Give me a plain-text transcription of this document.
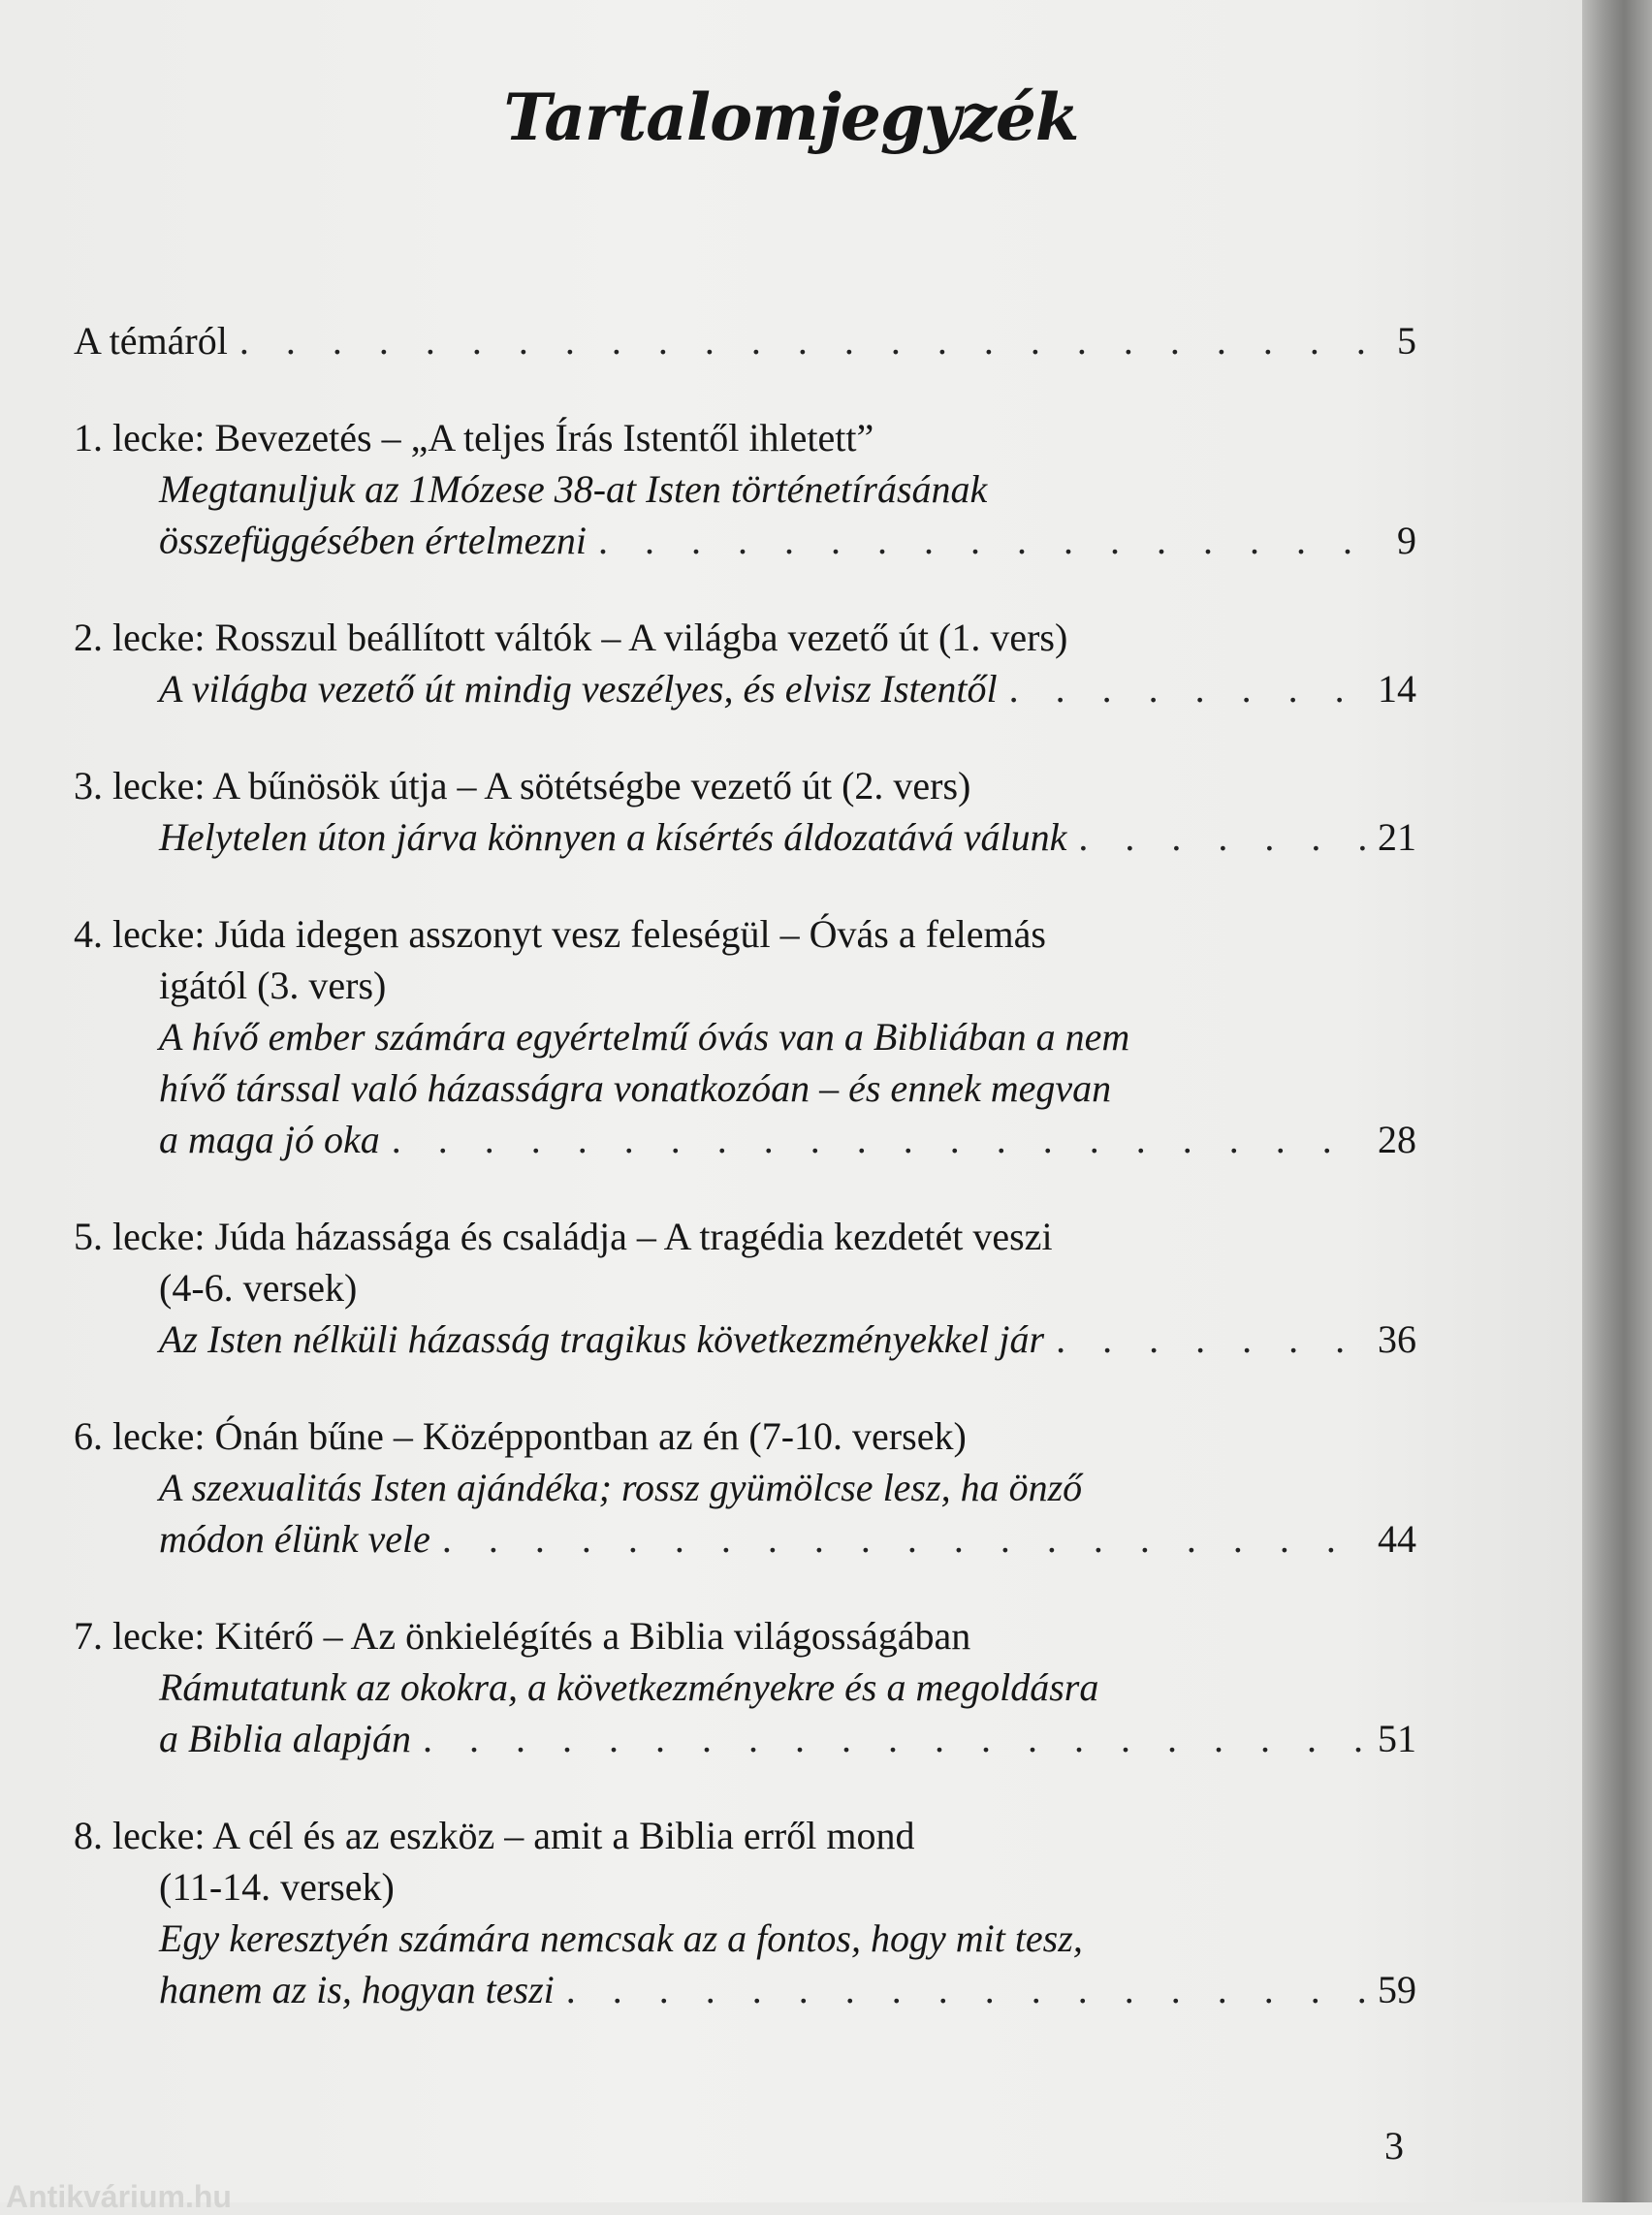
Tartalomjegyzék
A témáról . . .	5
1. lecke: Bevezetés – „A teljes Írás Istentől ihletett”
Megtanuljuk az 1Mózese 38-at Isten történetírásának
összefüggésében értelmezni . . .	9
2. lecke: Rosszul beállított váltók – A világba vezető út (1. vers)
A világba vezető út mindig veszélyes, és elvisz Istentől . . .	14
3. lecke: A bűnösök útja – A sötétségbe vezető út (2. vers)
Helytelen úton járva könnyen a kísértés áldozatává válunk . . .	21
4. lecke: Júda idegen asszonyt vesz feleségül – Óvás a felemás
igától (3. vers)
A hívő ember számára egyértelmű óvás van a Bibliában a nem
hívő társsal való házasságra vonatkozóan – és ennek megvan
a maga jó oka . . .	28
5. lecke: Júda házassága és családja – A tragédia kezdetét veszi
(4-6. versek)
Az Isten nélküli házasság tragikus következményekkel jár . . .	36
6. lecke: Ónán bűne – Középpontban az én (7-10. versek)
A szexualitás Isten ajándéka; rossz gyümölcse lesz, ha önző
módon élünk vele . . .	44
7. lecke: Kitérő – Az önkielégítés a Biblia világosságában
Rámutatunk az okokra, a következményekre és a megoldásra
a Biblia alapján . . .	51
8. lecke: A cél és az eszköz – amit a Biblia erről mond
(11-14. versek)
Egy keresztyén számára nemcsak az a fontos, hogy mit tesz,
hanem az is, hogyan teszi . . .	59
3
Antikvárium.hu
